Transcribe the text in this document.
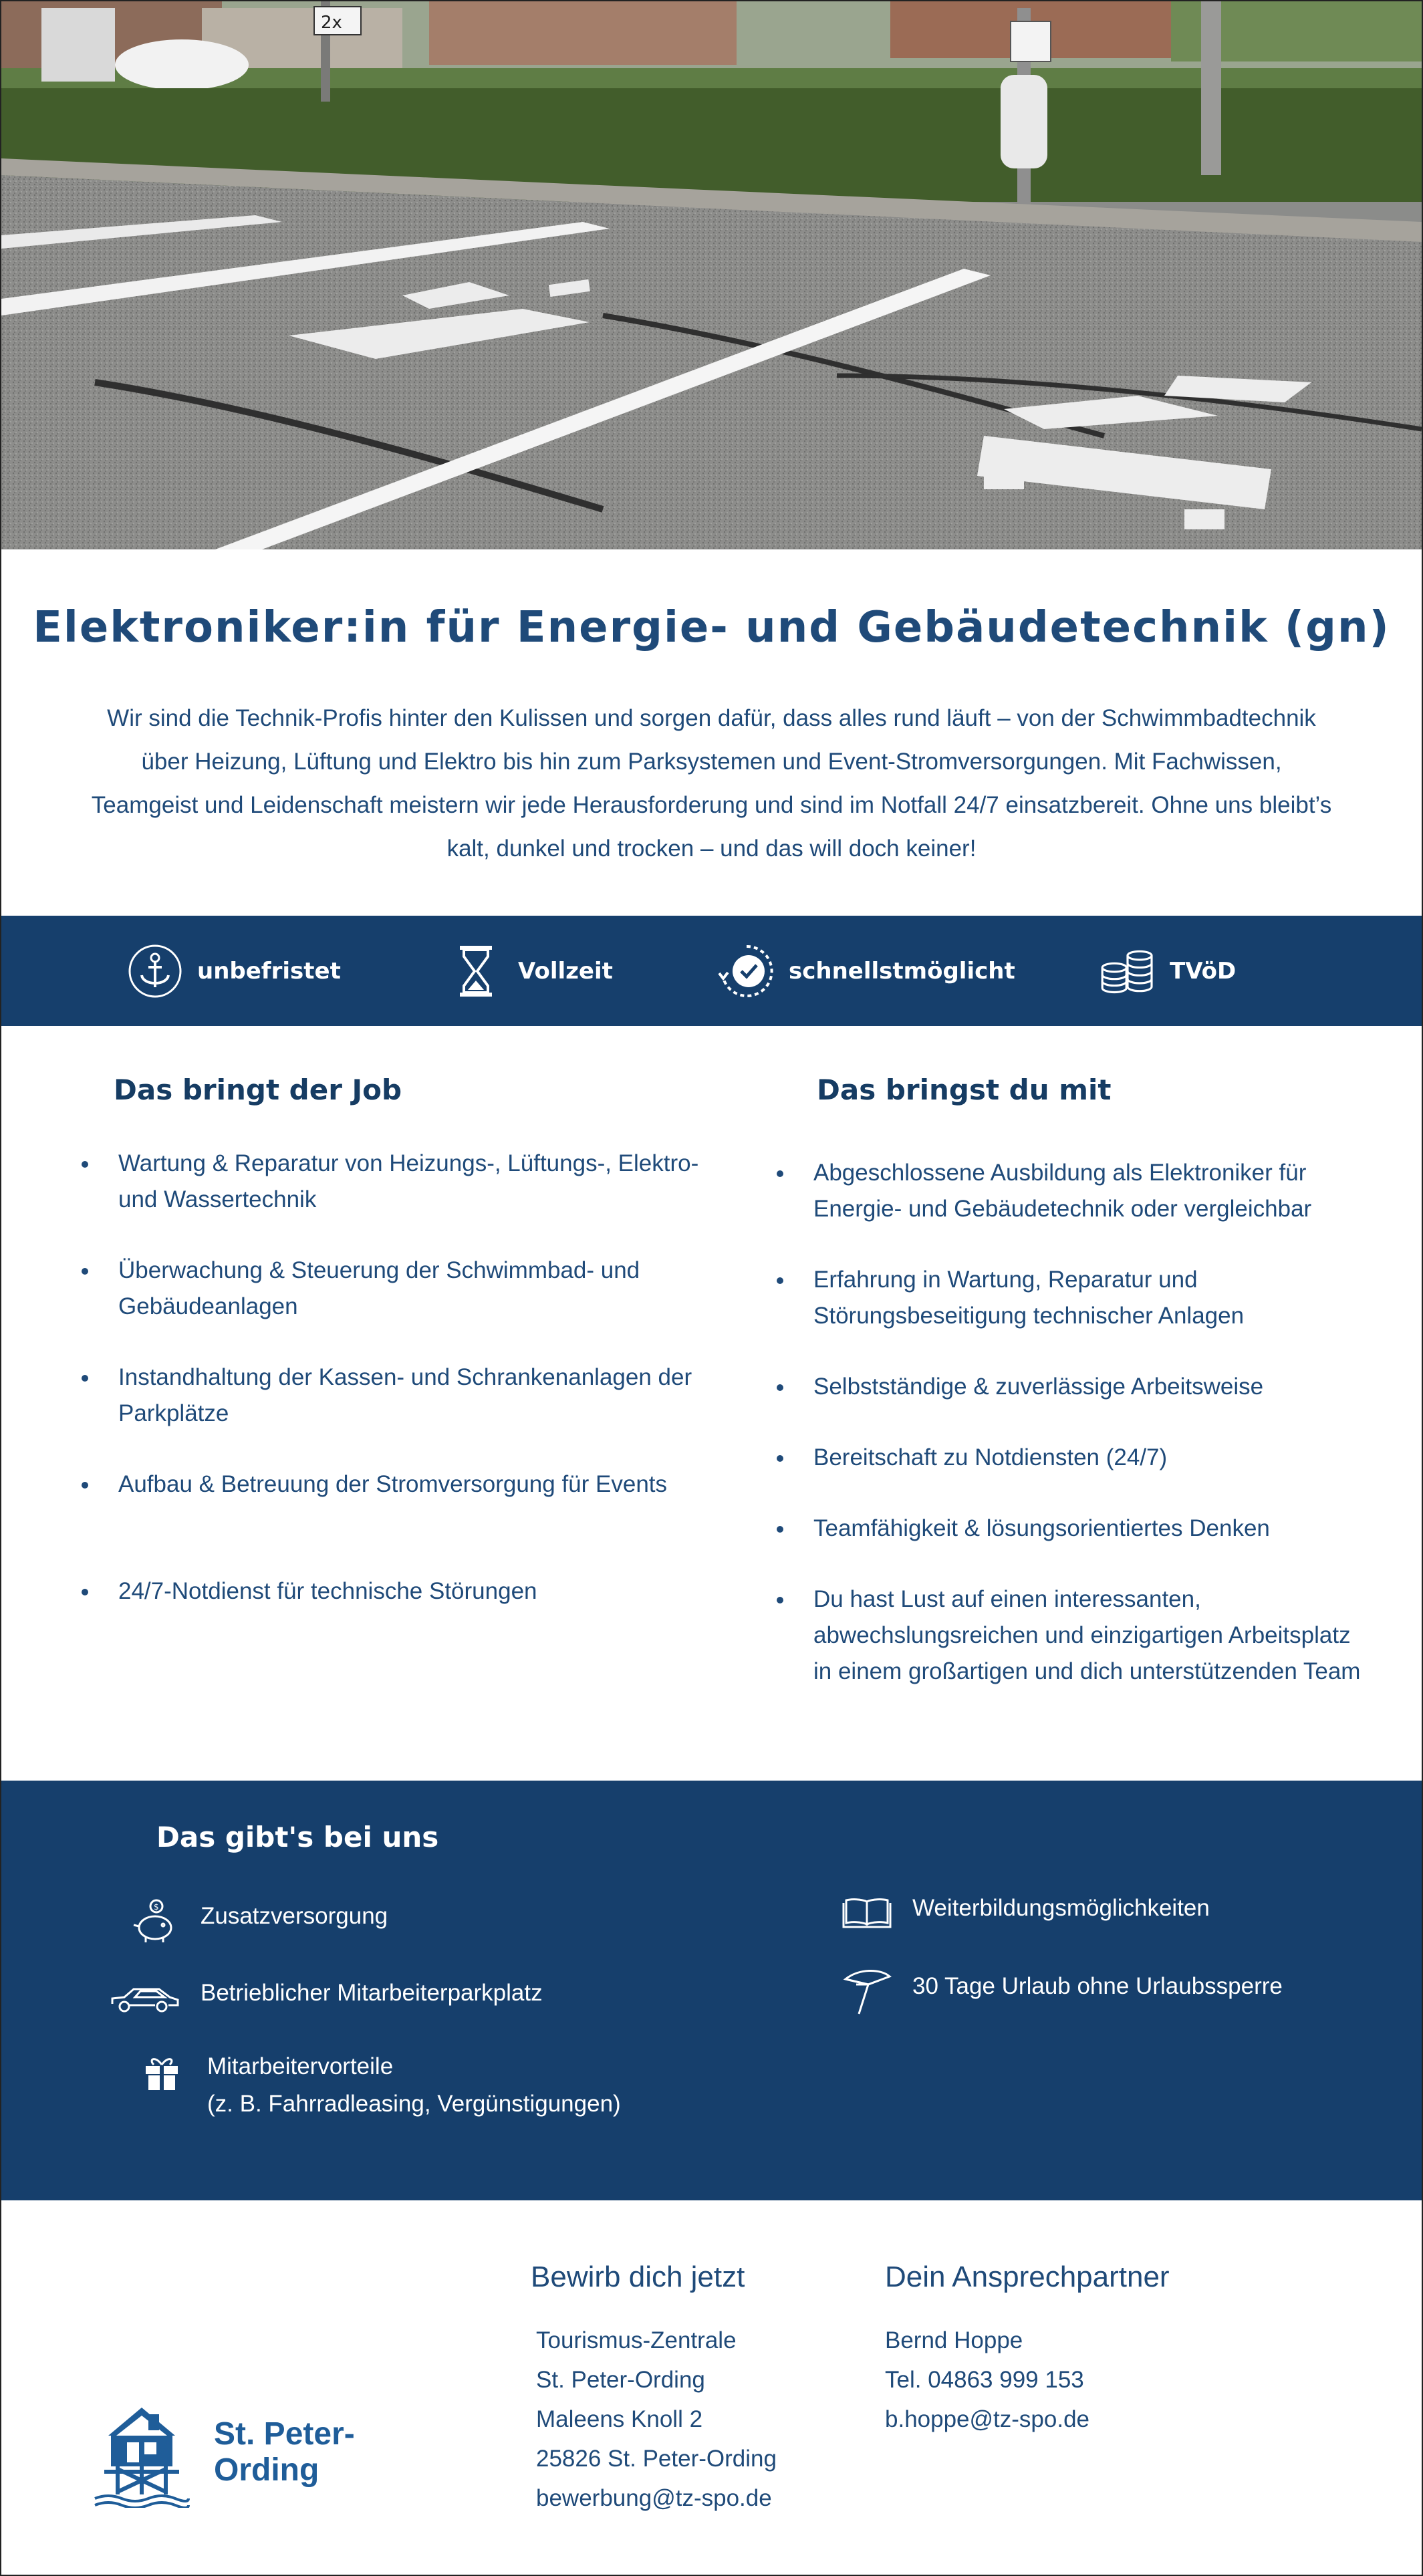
2x
Elektroniker:in für Energie- und Gebäudetechnik (gn)
Wir sind die Technik-Profis hinter den Kulissen und sorgen dafür, dass alles rund läuft – von der Schwimmbadtechnik über Heizung, Lüftung und Elektro bis hin zum Parksystemen und Event-Stromversorgungen. Mit Fachwissen, Teamgeist und Leidenschaft meistern wir jede Herausforderung und sind im Notfall 24/7 einsatzbereit. Ohne uns bleibt’s kalt, dunkel und trocken – und das will doch keiner!
unbefristet	Vollzeit	schnellstmöglicht	TVöD
Das bringt der Job	Das bringst du mit
Wartung & Reparatur von Heizungs-, Lüftungs-, Elektro- und Wassertechnik
Überwachung & Steuerung der Schwimmbad- und Gebäudeanlagen
Instandhaltung der Kassen- und Schrankenanlagen der Parkplätze
Aufbau & Betreuung der Stromversorgung für Events
24/7-Notdienst für technische Störungen
Abgeschlossene Ausbildung als Elektroniker für Energie- und Gebäudetechnik oder vergleichbar
Erfahrung in Wartung, Reparatur und Störungsbeseitigung technischer Anlagen
Selbstständige & zuverlässige Arbeitsweise
Bereitschaft zu Notdiensten (24/7)
Teamfähigkeit & lösungsorientiertes Denken
Du hast Lust auf einen interessanten, abwechslungsreichen und einzigartigen Arbeitsplatz in einem großartigen und dich unterstützenden Team
Das gibt's bei uns
$ Zusatzversorgung
Betrieblicher Mitarbeiterparkplatz
Mitarbeitervorteile
(z. B. Fahrradleasing, Vergünstigungen)
Weiterbildungsmöglichkeiten
30 Tage Urlaub ohne Urlaubssperre
Bewirb dich jetzt
Tourismus-Zentrale
St. Peter-Ording
Maleens Knoll 2
25826 St. Peter-Ording
bewerbung@tz-spo.de
Dein Ansprechpartner
Bernd Hoppe
Tel. 04863 999 153
b.hoppe@tz-spo.de
St. Peter-
Ording
